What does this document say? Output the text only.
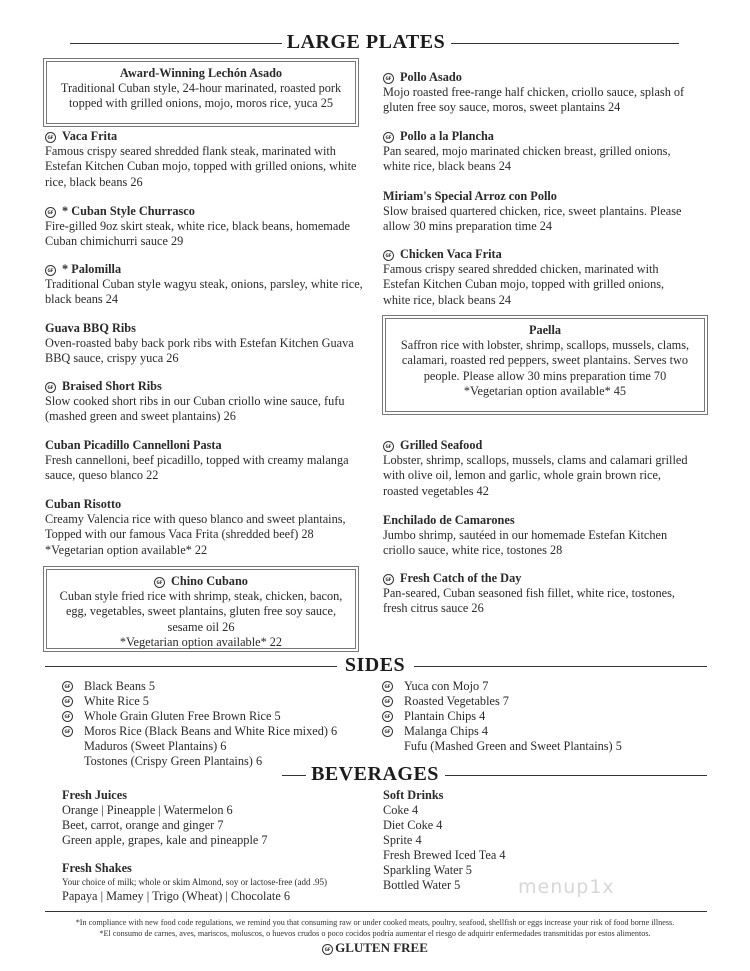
LARGE PLATES
Award-Winning Lechón Asado
Traditional Cuban style, 24-hour marinated, roasted pork topped with grilled onions, mojo, moros rice, yuca 25
GF Vaca Frita
Famous crispy seared shredded flank steak, marinated with Estefan Kitchen Cuban mojo, topped with grilled onions, white rice, black beans 26
GF * Cuban Style Churrasco
Fire-gilled 9oz skirt steak, white rice, black beans, homemade Cuban chimichurri sauce 29
GF * Palomilla
Traditional Cuban style wagyu steak, onions, parsley, white rice, black beans 24
Guava BBQ Ribs
Oven-roasted baby back pork ribs with Estefan Kitchen Guava BBQ sauce, crispy yuca 26
GF Braised Short Ribs
Slow cooked short ribs in our Cuban criollo wine sauce, fufu (mashed green and sweet plantains) 26
Cuban Picadillo Cannelloni Pasta
Fresh cannelloni, beef picadillo, topped with creamy malanga sauce, queso blanco 22
Cuban Risotto
Creamy Valencia rice with queso blanco and sweet plantains, Topped with our famous Vaca Frita (shredded beef) 28
*Vegetarian option available* 22
GF Chino Cubano
Cuban style fried rice with shrimp, steak, chicken, bacon, egg, vegetables, sweet plantains, gluten free soy sauce, sesame oil 26
*Vegetarian option available* 22
GF Pollo Asado
Mojo roasted free-range half chicken, criollo sauce, splash of gluten free soy sauce, moros, sweet plantains 24
GF Pollo a la Plancha
Pan seared, mojo marinated chicken breast, grilled onions, white rice, black beans 24
Miriam's Special Arroz con Pollo
Slow braised quartered chicken, rice, sweet plantains. Please allow 30 mins preparation time 24
GF Chicken Vaca Frita
Famous crispy seared shredded chicken, marinated with Estefan Kitchen Cuban mojo, topped with grilled onions, white rice, black beans 24
Paella
Saffron rice with lobster, shrimp, scallops, mussels, clams, calamari, roasted red peppers, sweet plantains. Serves two people. Please allow 30 mins preparation time 70
*Vegetarian option available* 45
GF Grilled Seafood
Lobster, shrimp, scallops, mussels, clams and calamari grilled with olive oil, lemon and garlic, whole grain brown rice, roasted vegetables 42
Enchilado de Camarones
Jumbo shrimp, sautéed in our homemade Estefan Kitchen criollo sauce, white rice, tostones 28
GF Fresh Catch of the Day
Pan-seared, Cuban seasoned fish fillet, white rice, tostones, fresh citrus sauce 26
SIDES
GF Black Beans 5
GF White Rice 5
GF Whole Grain Gluten Free Brown Rice 5
GF Moros Rice (Black Beans and White Rice mixed) 6
Maduros (Sweet Plantains) 6
Tostones (Crispy Green Plantains) 6
GF Yuca con Mojo 7
GF Roasted Vegetables 7
GF Plantain Chips 4
GF Malanga Chips 4
Fufu (Mashed Green and Sweet Plantains) 5
BEVERAGES
Fresh Juices
Orange | Pineapple | Watermelon 6
Beet, carrot, orange and ginger 7
Green apple, grapes, kale and pineapple 7
Fresh Shakes
Your choice of milk; whole or skim Almond, soy or lactose-free (add .95)
Papaya | Mamey | Trigo (Wheat) | Chocolate 6
Soft Drinks
Coke 4
Diet Coke 4
Sprite 4
Fresh Brewed Iced Tea 4
Sparkling Water 5
Bottled Water 5	menup1x
*In compliance with new food code regulations, we remind you that consuming raw or under cooked meats, poultry, seafood, shellfish or eggs increase your risk of food borne illness.
*El consumo de carnes, aves, mariscos, moluscos, o huevos crudos o poco cocidos podría aumentar el riesgo de adquirir enfermedades transmitidas por estos alimentos.
GF GLUTEN FREE
